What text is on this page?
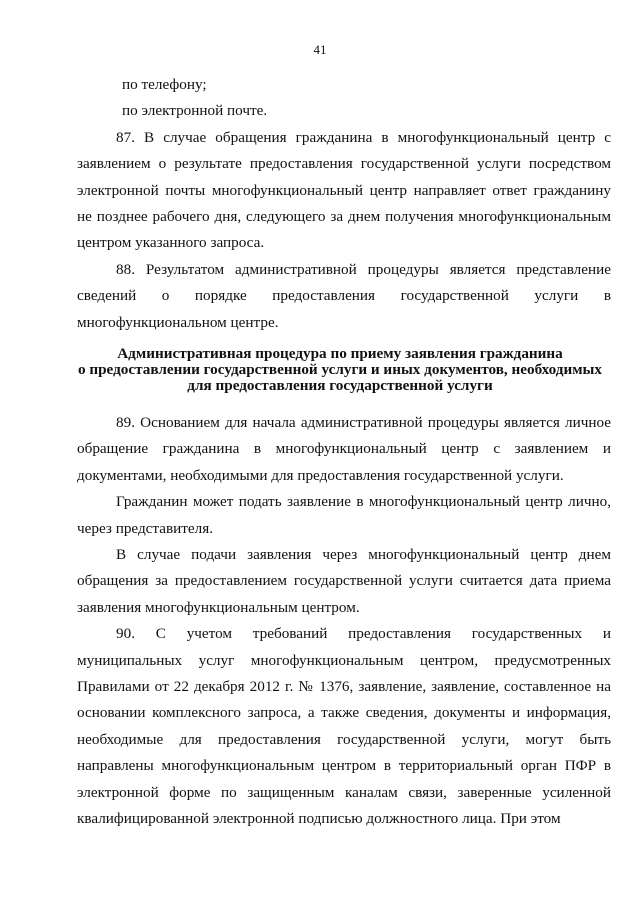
41
по телефону;
по электронной почте.

87. В случае обращения гражданина в многофункциональный центр с заявлением о результате предоставления государственной услуги посредством электронной почты многофункциональный центр направляет ответ гражданину не позднее рабочего дня, следующего за днем получения многофункциональным центром указанного запроса.

88. Результатом административной процедуры является представление сведений о порядке предоставления государственной услуги в многофункциональном центре.

Административная процедура по приему заявления гражданина
о предоставлении государственной услуги и иных документов, необходимых
для предоставления государственной услуги

89. Основанием для начала административной процедуры является личное обращение гражданина в многофункциональный центр с заявлением и документами, необходимыми для предоставления государственной услуги.

Гражданин может подать заявление в многофункциональный центр лично, через представителя.

В случае подачи заявления через многофункциональный центр днем обращения за предоставлением государственной услуги считается дата приема заявления многофункциональным центром.

90. С учетом требований предоставления государственных и муниципальных услуг многофункциональным центром, предусмотренных Правилами от 22 декабря 2012 г. № 1376, заявление, заявление, составленное на основании комплексного запроса, а также сведения, документы и информация, необходимые для предоставления государственной услуги, могут быть направлены многофункциональным центром в территориальный орган ПФР в электронной форме по защищенным каналам связи, заверенные усиленной квалифицированной электронной подписью должностного лица. При этом
